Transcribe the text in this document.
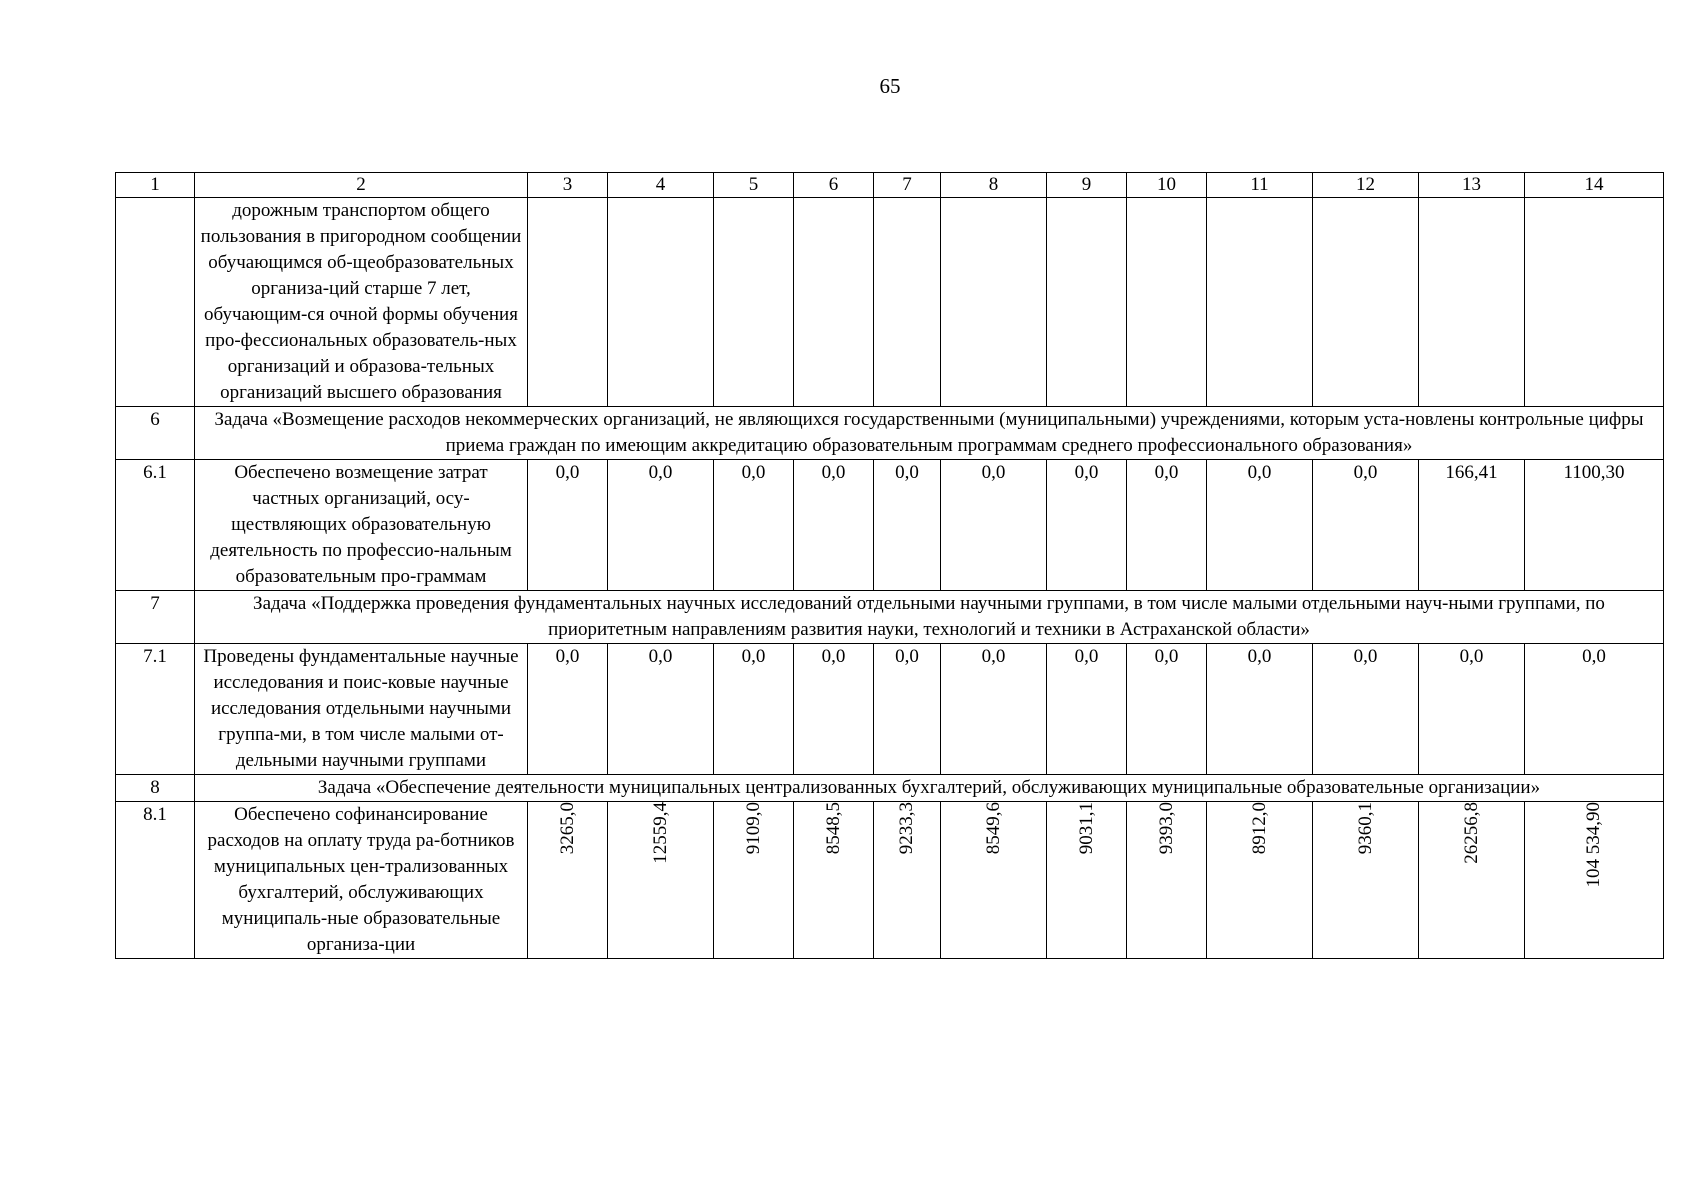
65
1	2	3	4	5	6	7	8	9	10	11	12	13	14
	дорожным транспортом общего пользования в пригородном сообщении обучающимся об-щеобразовательных организа-ций старше 7 лет, обучающим-ся очной формы обучения про-фессиональных образователь-ных организаций и образова-тельных организаций высшего образования												
6	Задача «Возмещение расходов некоммерческих организаций, не являющихся государственными (муниципальными) учреждениями, которым уста-новлены контрольные цифры приема граждан по имеющим аккредитацию образовательным программам среднего профессионального образования»												
6.1	Обеспечено возмещение затрат частных организаций, осу-ществляющих образовательную деятельность по профессио-нальным образовательным про-граммам	0,0	0,0	0,0	0,0	0,0	0,0	0,0	0,0	0,0	0,0	166,41	1100,30
7	Задача «Поддержка проведения фундаментальных научных исследований отдельными научными группами, в том числе малыми отдельными науч-ными группами, по приоритетным направлениям развития науки, технологий и техники в Астраханской области»												
7.1	Проведены фундаментальные научные исследования и поис-ковые научные исследования отдельными научными группа-ми, в том числе малыми от-дельными научными группами	0,0	0,0	0,0	0,0	0,0	0,0	0,0	0,0	0,0	0,0	0,0	0,0
8	Задача «Обеспечение деятельности муниципальных централизованных бухгалтерий, обслуживающих муниципальные образовательные организации»												
8.1	Обеспечено софинансирование расходов на оплату труда ра-ботников муниципальных цен-трализованных бухгалтерий, обслуживающих муниципаль-ные образовательные организа-ции	3265,0	12559,4	9109,0	8548,5	9233,3	8549,6	9031,1	9393,0	8912,0	9360,1	26256,8	104 534,90
